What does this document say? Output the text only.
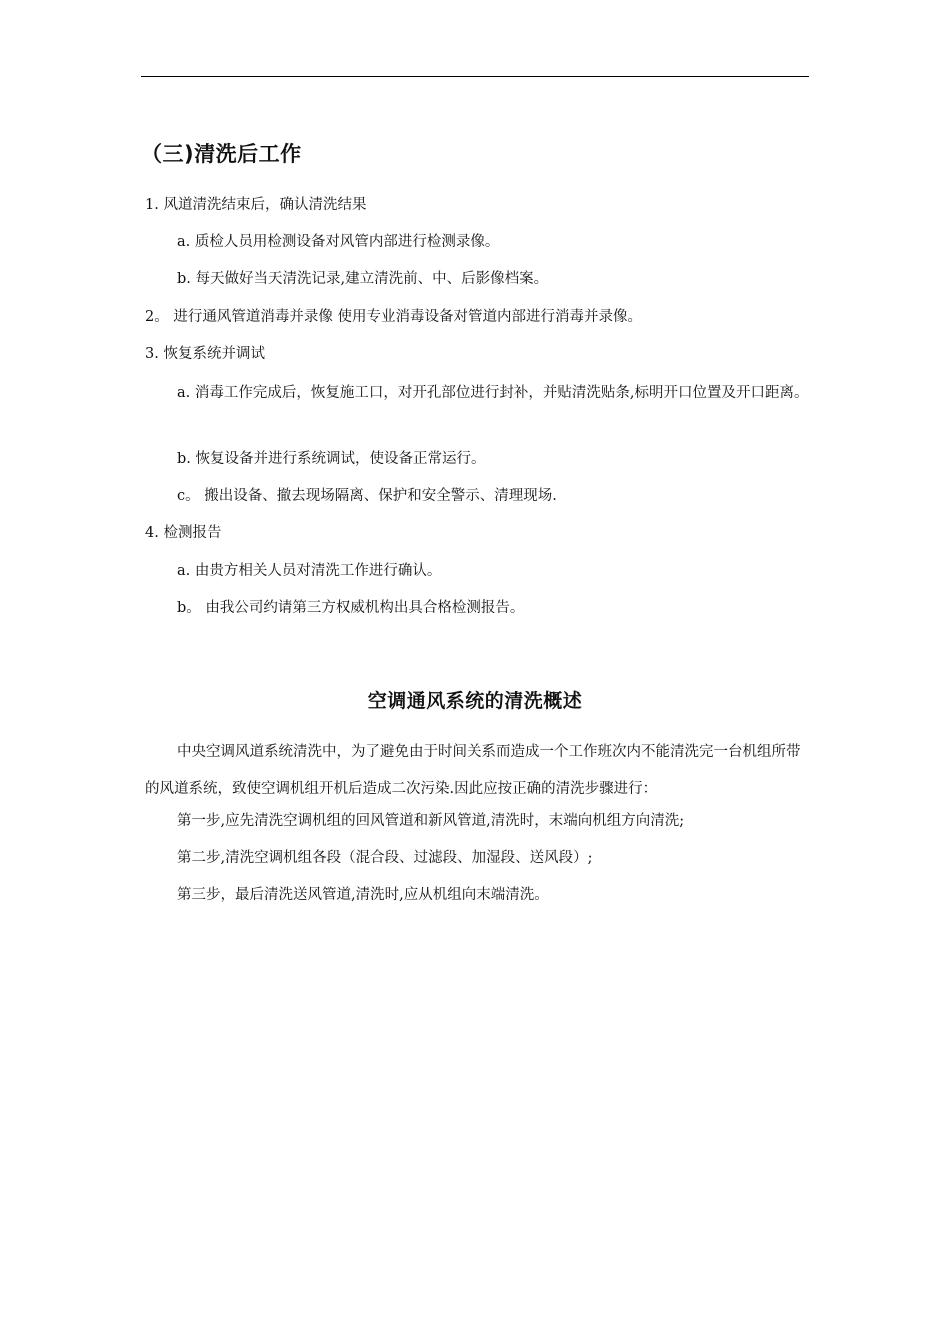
（三)清洗后工作
1. 风道清洗结束后，确认清洗结果
a. 质检人员用检测设备对风管内部进行检测录像。
b. 每天做好当天清洗记录,建立清洗前、中、后影像档案。
2。 进行通风管道消毒并录像 使用专业消毒设备对管道内部进行消毒并录像。
3. 恢复系统并调试
a. 消毒工作完成后，恢复施工口，对开孔部位进行封补，并贴清洗贴条,标明开口位置及开口距离。
b. 恢复设备并进行系统调试，使设备正常运行。
c。 搬出设备、撤去现场隔离、保护和安全警示、清理现场.
4. 检测报告
a. 由贵方相关人员对清洗工作进行确认。
b。 由我公司约请第三方权威机构出具合格检测报告。
空调通风系统的清洗概述
中央空调风道系统清洗中，为了避免由于时间关系而造成一个工作班次内不能清洗完一台机组所带的风道系统，致使空调机组开机后造成二次污染.因此应按正确的清洗步骤进行：
第一步,应先清洗空调机组的回风管道和新风管道,清洗时，末端向机组方向清洗;
第二步,清洗空调机组各段（混合段、过滤段、加湿段、送风段）;
第三步，最后清洗送风管道,清洗时,应从机组向末端清洗。
